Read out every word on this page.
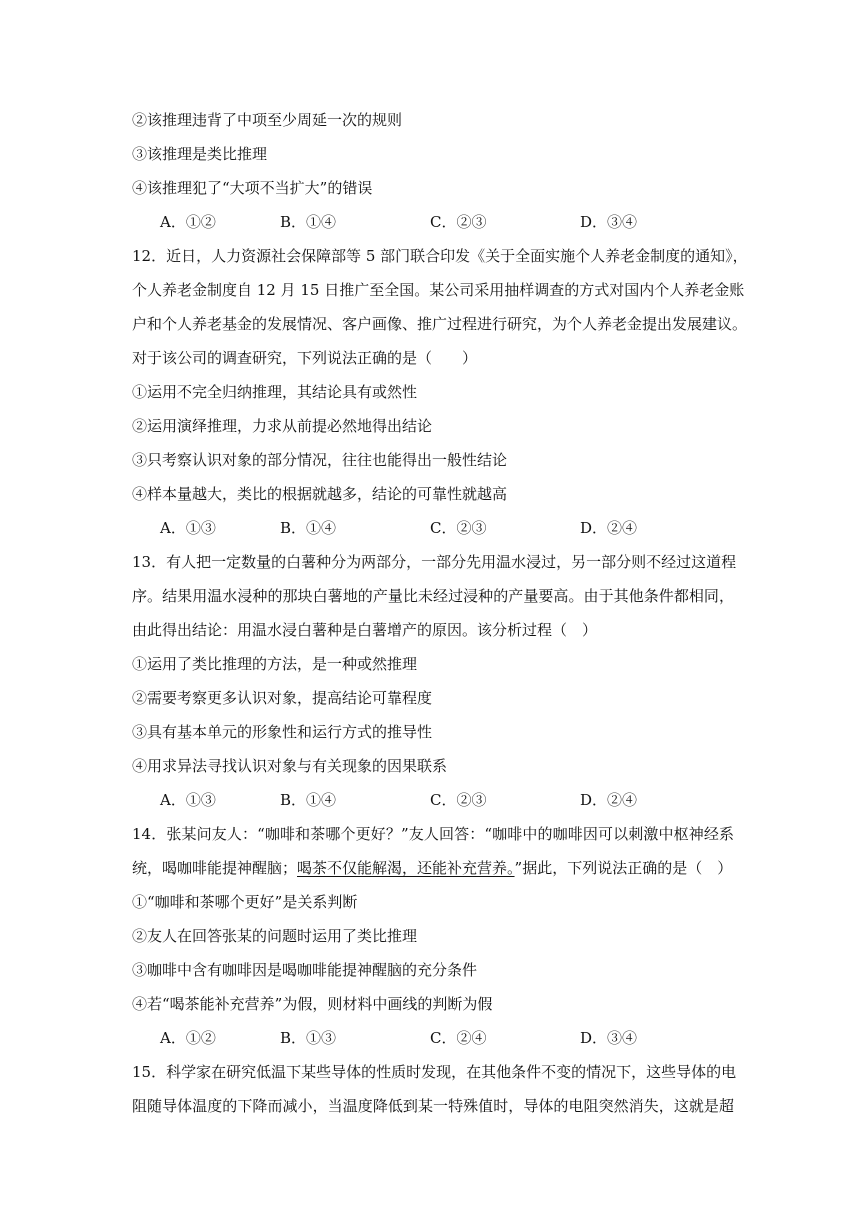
②该推理违背了中项至少周延一次的规则
③该推理是类比推理
④该推理犯了“大项不当扩大”的错误
A．①②	B．①④	C．②③	D．③④
12．近日，人力资源社会保障部等 5 部门联合印发《关于全面实施个人养老金制度的通知》，
个人养老金制度自 12 月 15 日推广至全国。某公司采用抽样调查的方式对国内个人养老金账
户和个人养老基金的发展情况、客户画像、推广过程进行研究，为个人养老金提出发展建议。
对于该公司的调查研究，下列说法正确的是（　　）
①运用不完全归纳推理，其结论具有或然性
②运用演绎推理，力求从前提必然地得出结论
③只考察认识对象的部分情况，往往也能得出一般性结论
④样本量越大，类比的根据就越多，结论的可靠性就越高
A．①③	B．①④	C．②③	D．②④
13．有人把一定数量的白薯种分为两部分，一部分先用温水浸过，另一部分则不经过这道程
序。结果用温水浸种的那块白薯地的产量比未经过浸种的产量要高。由于其他条件都相同，
由此得出结论：用温水浸白薯种是白薯增产的原因。该分析过程（　）
①运用了类比推理的方法，是一种或然推理
②需要考察更多认识对象，提高结论可靠程度
③具有基本单元的形象性和运行方式的推导性
④用求异法寻找认识对象与有关现象的因果联系
A．①③	B．①④	C．②③	D．②④
14．张某问友人：“咖啡和茶哪个更好？”友人回答：“咖啡中的咖啡因可以刺激中枢神经系
统，喝咖啡能提神醒脑；喝茶不仅能解渴，还能补充营养。”据此，下列说法正确的是（　）
①“咖啡和茶哪个更好”是关系判断
②友人在回答张某的问题时运用了类比推理
③咖啡中含有咖啡因是喝咖啡能提神醒脑的充分条件
④若“喝茶能补充营养”为假，则材料中画线的判断为假
A．①②	B．①③	C．②④	D．③④
15．科学家在研究低温下某些导体的性质时发现，在其他条件不变的情况下，这些导体的电
阻随导体温度的下降而减小，当温度降低到某一特殊值时，导体的电阻突然消失，这就是超
